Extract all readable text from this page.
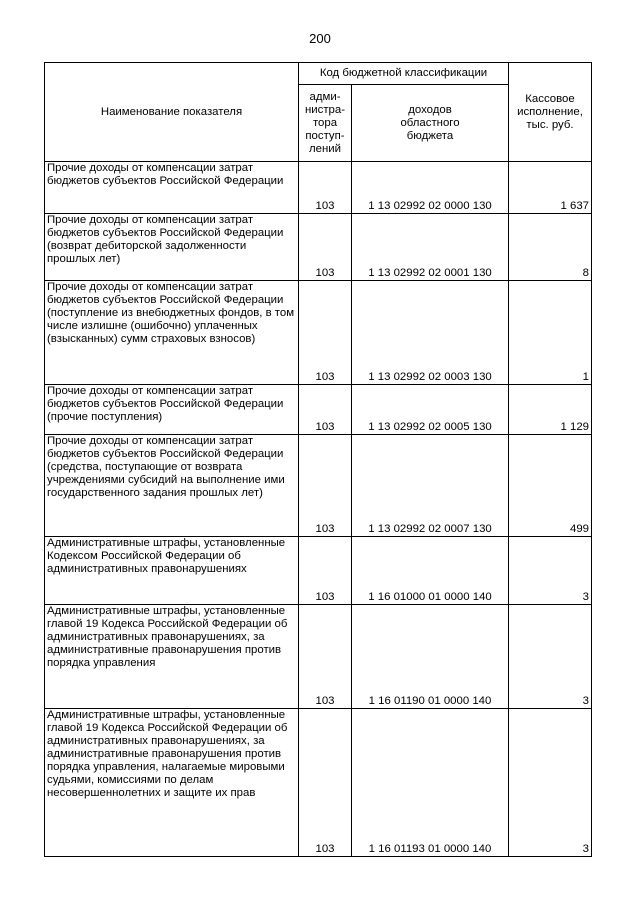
200
Наименование показателя	Код бюджетной классификации		Кассовое
исполнение,
тыс. руб.
	адми-
нистра-
тора
поступ-
лений	доходов
областного
бюджета	
Прочие доходы от компенсации затрат бюджетов субъектов Российской Федерации	103	1 13 02992 02 0000 130	1 637
Прочие доходы от компенсации затрат бюджетов субъектов Российской Федерации (возврат дебиторской задолженности прошлых лет)	103	1 13 02992 02 0001 130	8
Прочие доходы от компенсации затрат бюджетов субъектов Российской Федерации (поступление из внебюджетных фондов, в том числе излишне (ошибочно) уплаченных (взысканных) сумм страховых взносов)	103	1 13 02992 02 0003 130	1
Прочие доходы от компенсации затрат бюджетов субъектов Российской Федерации (прочие поступления)	103	1 13 02992 02 0005 130	1 129
Прочие доходы от компенсации затрат бюджетов субъектов Российской Федерации (средства, поступающие от возврата учреждениями субсидий на выполнение ими государственного задания прошлых лет)	103	1 13 02992 02 0007 130	499
Административные штрафы, установленные Кодексом Российской Федерации об административных правонарушениях	103	1 16 01000 01 0000 140	3
Административные штрафы, установленные главой 19 Кодекса Российской Федерации об административных правонарушениях, за административные правонарушения против порядка управления	103	1 16 01190 01 0000 140	3
Административные штрафы, установленные главой 19 Кодекса Российской Федерации об административных правонарушениях, за административные правонарушения против порядка управления, налагаемые мировыми судьями, комиссиями по делам несовершеннолетних и защите их прав	103	1 16 01193 01 0000 140	3
